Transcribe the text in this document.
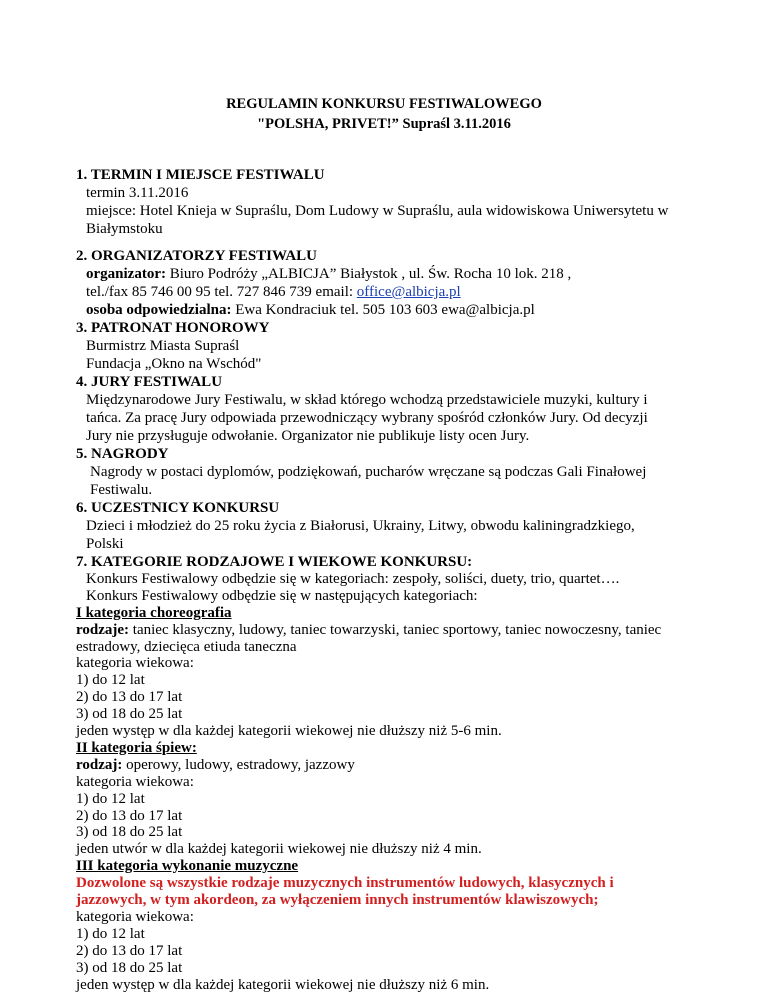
REGULAMIN KONKURSU FESTIWALOWEGO
"POLSHA, PRIVET!” Supraśl 3.11.2016
1. TERMIN I MIEJSCE FESTIWALU
termin 3.11.2016
miejsce: Hotel Knieja w Supraślu, Dom Ludowy w Supraślu, aula widowiskowa Uniwersytetu w
Białymstoku
2. ORGANIZATORZY FESTIWALU
organizator: Biuro Podróży „ALBICJA” Białystok , ul. Św. Rocha 10 lok. 218 ,
tel./fax 85 746 00 95 tel. 727 846 739 email: office@albicja.pl
osoba odpowiedzialna: Ewa Kondraciuk tel. 505 103 603 ewa@albicja.pl
3. PATRONAT HONOROWY
Burmistrz Miasta Supraśl
Fundacja „Okno na Wschód"
4. JURY FESTIWALU
Międzynarodowe Jury Festiwalu, w skład którego wchodzą przedstawiciele muzyki, kultury i
tańca. Za pracę Jury odpowiada przewodniczący wybrany spośród członków Jury. Od decyzji
Jury nie przysługuje odwołanie. Organizator nie publikuje listy ocen Jury.
5. NAGRODY
Nagrody w postaci dyplomów, podziękowań, pucharów wręczane są podczas Gali Finałowej
Festiwalu.
6. UCZESTNICY KONKURSU
Dzieci i młodzież do 25 roku życia z Białorusi, Ukrainy, Litwy, obwodu kaliningradzkiego,
Polski
7. KATEGORIE RODZAJOWE I WIEKOWE KONKURSU:
Konkurs Festiwalowy odbędzie się w kategoriach: zespoły, soliści, duety, trio, quartet….
Konkurs Festiwalowy odbędzie się w następujących kategoriach:
I kategoria choreografia
rodzaje: taniec klasyczny, ludowy, taniec towarzyski, taniec sportowy, taniec nowoczesny, taniec
estradowy, dziecięca etiuda taneczna
kategoria wiekowa:
1) do 12 lat
2) do 13 do 17 lat
3) od 18 do 25 lat
jeden występ w dla każdej kategorii wiekowej nie dłuższy niż 5-6 min.
II kategoria śpiew:
rodzaj: operowy, ludowy, estradowy, jazzowy
kategoria wiekowa:
1) do 12 lat
2) do 13 do 17 lat
3) od 18 do 25 lat
jeden utwór w dla każdej kategorii wiekowej nie dłuższy niż 4 min.
III kategoria wykonanie muzyczne
Dozwolone są wszystkie rodzaje muzycznych instrumentów ludowych, klasycznych i
jazzowych, w tym akordeon, za wyłączeniem innych instrumentów klawiszowych;
kategoria wiekowa:
1) do 12 lat
2) do 13 do 17 lat
3) od 18 do 25 lat
jeden występ w dla każdej kategorii wiekowej nie dłuższy niż 6 min.
